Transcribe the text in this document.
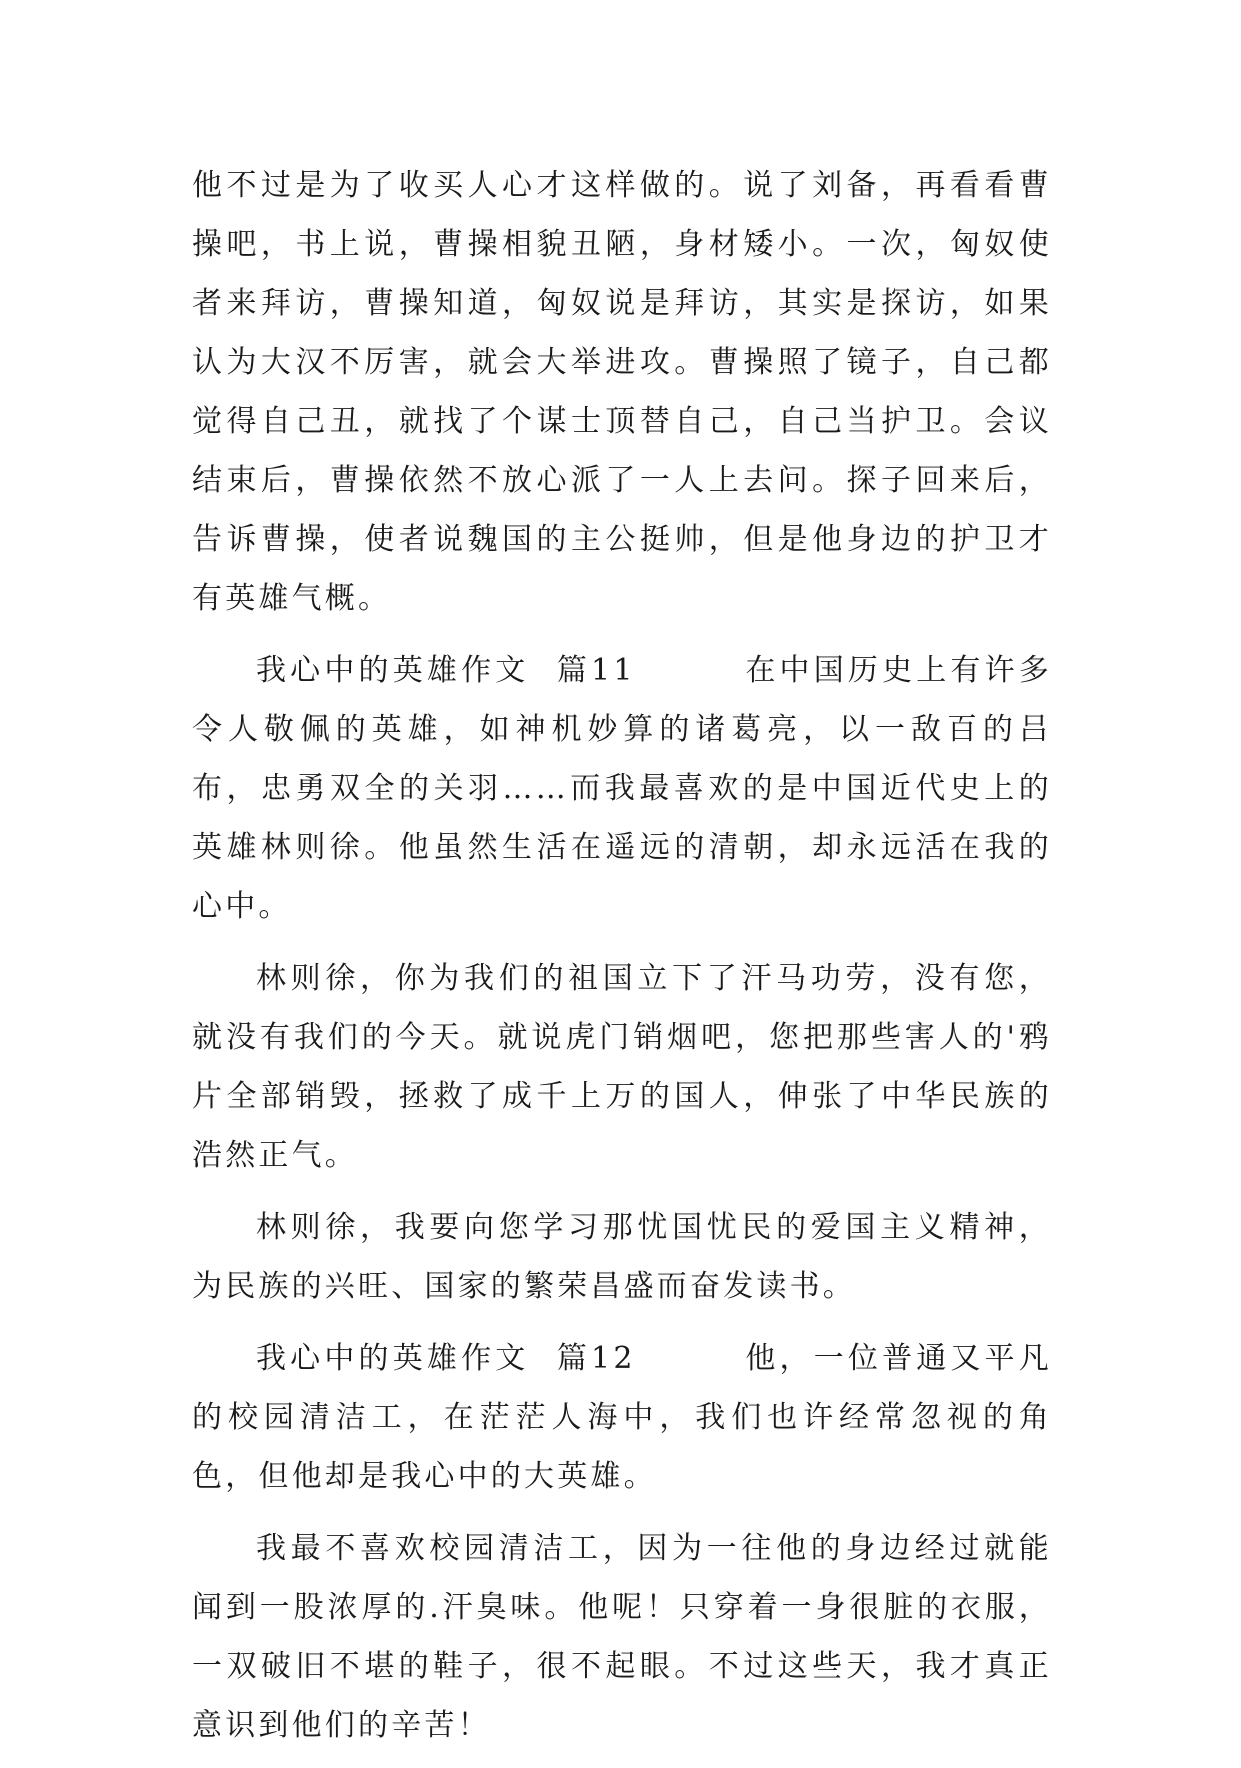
他不过是为了收买人心才这样做的。说了刘备，再看看曹操吧，书上说，曹操相貌丑陋，身材矮小。一次，匈奴使者来拜访，曹操知道，匈奴说是拜访，其实是探访，如果认为大汉不厉害，就会大举进攻。曹操照了镜子，自己都觉得自己丑，就找了个谋士顶替自己，自己当护卫。会议结束后，曹操依然不放心派了一人上去问。探子回来后，告诉曹操，使者说魏国的主公挺帅，但是他身边的护卫才有英雄气概。

我心中的英雄作文  篇11	在中国历史上有许多令人敬佩的英雄，如神机妙算的诸葛亮，以一敌百的吕布，忠勇双全的关羽……而我最喜欢的是中国近代史上的英雄林则徐。他虽然生活在遥远的清朝，却永远活在我的心中。

林则徐，你为我们的祖国立下了汗马功劳，没有您，就没有我们的今天。就说虎门销烟吧，您把那些害人的'鸦片全部销毁，拯救了成千上万的国人，伸张了中华民族的浩然正气。

林则徐，我要向您学习那忧国忧民的爱国主义精神，为民族的兴旺、国家的繁荣昌盛而奋发读书。

我心中的英雄作文  篇12	他，一位普通又平凡的校园清洁工，在茫茫人海中，我们也许经常忽视的角色，但他却是我心中的大英雄。

我最不喜欢校园清洁工，因为一往他的身边经过就能闻到一股浓厚的.汗臭味。他呢！只穿着一身很脏的衣服，一双破旧不堪的鞋子，很不起眼。不过这些天，我才真正意识到他们的辛苦！
